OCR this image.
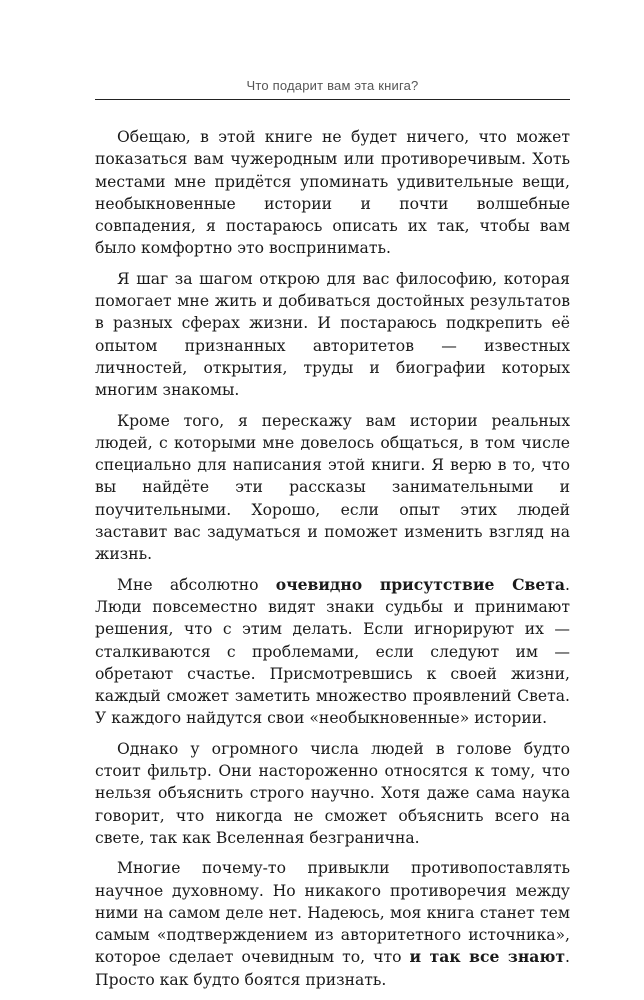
Что подарит вам эта книга?

Обещаю, в этой книге не будет ничего, что может показаться вам чужеродным или противоречивым. Хоть местами мне придётся упоминать удивительные вещи, необыкновенные истории и почти волшебные совпадения, я постараюсь описать их так, чтобы вам было комфортно это воспринимать.

Я шаг за шагом открою для вас философию, которая помогает мне жить и добиваться достойных результатов в разных сферах жизни. И постараюсь подкрепить её опытом признанных авторитетов — известных личностей, открытия, труды и биографии которых многим знакомы.

Кроме того, я перескажу вам истории реальных людей, с которыми мне довелось общаться, в том числе специально для написания этой книги. Я верю в то, что вы найдёте эти рассказы занимательными и поучительными. Хорошо, если опыт этих людей заставит вас задуматься и поможет изменить взгляд на жизнь.

Мне абсолютно очевидно присутствие Света. Люди повсеместно видят знаки судьбы и принимают решения, что с этим делать. Если игнорируют их — сталкиваются с проблемами, если следуют им — обретают счастье. Присмотревшись к своей жизни, каждый сможет заметить множество проявлений Света. У каждого найдутся свои «необыкновенные» истории.

Однако у огромного числа людей в голове будто стоит фильтр. Они настороженно относятся к тому, что нельзя объяснить строго научно. Хотя даже сама наука говорит, что никогда не сможет объяснить всего на свете, так как Вселенная безгранична.

Многие почему-то привыкли противопоставлять научное духовному. Но никакого противоречия между ними на самом деле нет. Надеюсь, моя книга станет тем самым «подтверждением из авторитетного источника», которое сделает очевидным то, что и так все знают. Просто как будто боятся признать.
